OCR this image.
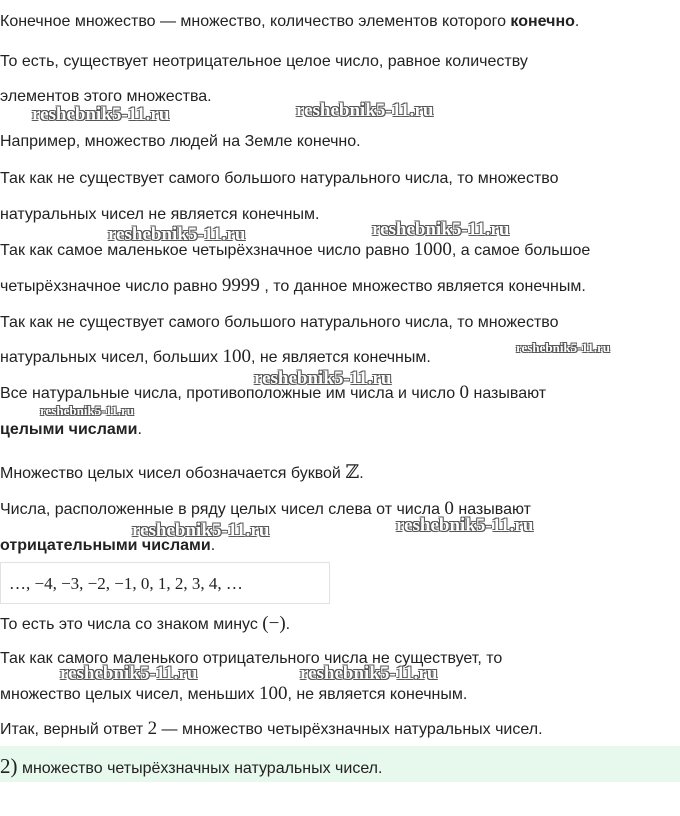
Конечное множество — множество, количество элементов которого конечно.
То есть, существует неотрицательное целое число, равное количеству
элементов этого множества.
Например, множество людей на Земле конечно.
Так как не существует самого большого натурального числа, то множество
натуральных чисел не является конечным.
Так как самое маленькое четырёхзначное число равно 1000, а самое большое
четырёхзначное число равно 9999 , то данное множество является конечным.
Так как не существует самого большого натурального числа, то множество
натуральных чисел, больших 100, не является конечным.
Все натуральные числа, противоположные им числа и число 0 называют
целыми числами.
Множество целых чисел обозначается буквой ℤ.
Числа, расположенные в ряду целых чисел слева от числа 0 называют
отрицательными числами.
…, −4, −3, −2, −1, 0, 1, 2, 3, 4, …
То есть это числа со знаком минус (−).
Так как самого маленького отрицательного числа не существует, то
множество целых чисел, меньших 100, не является конечным.
Итак, верный ответ 2 — множество четырёхзначных натуральных чисел.
2) множество четырёхзначных натуральных чисел.
reshebnik5-11.ru	reshebnik5-11.ru
reshebnik5-11.ru
reshebnik5-11.ru
reshebnik5-11.ru
reshebnik5-11.ru
reshebnik5-11.ru
reshebnik5-11.ru
reshebnik5-11.ru
reshebnik5-11.ru	reshebnik5-11.ru
